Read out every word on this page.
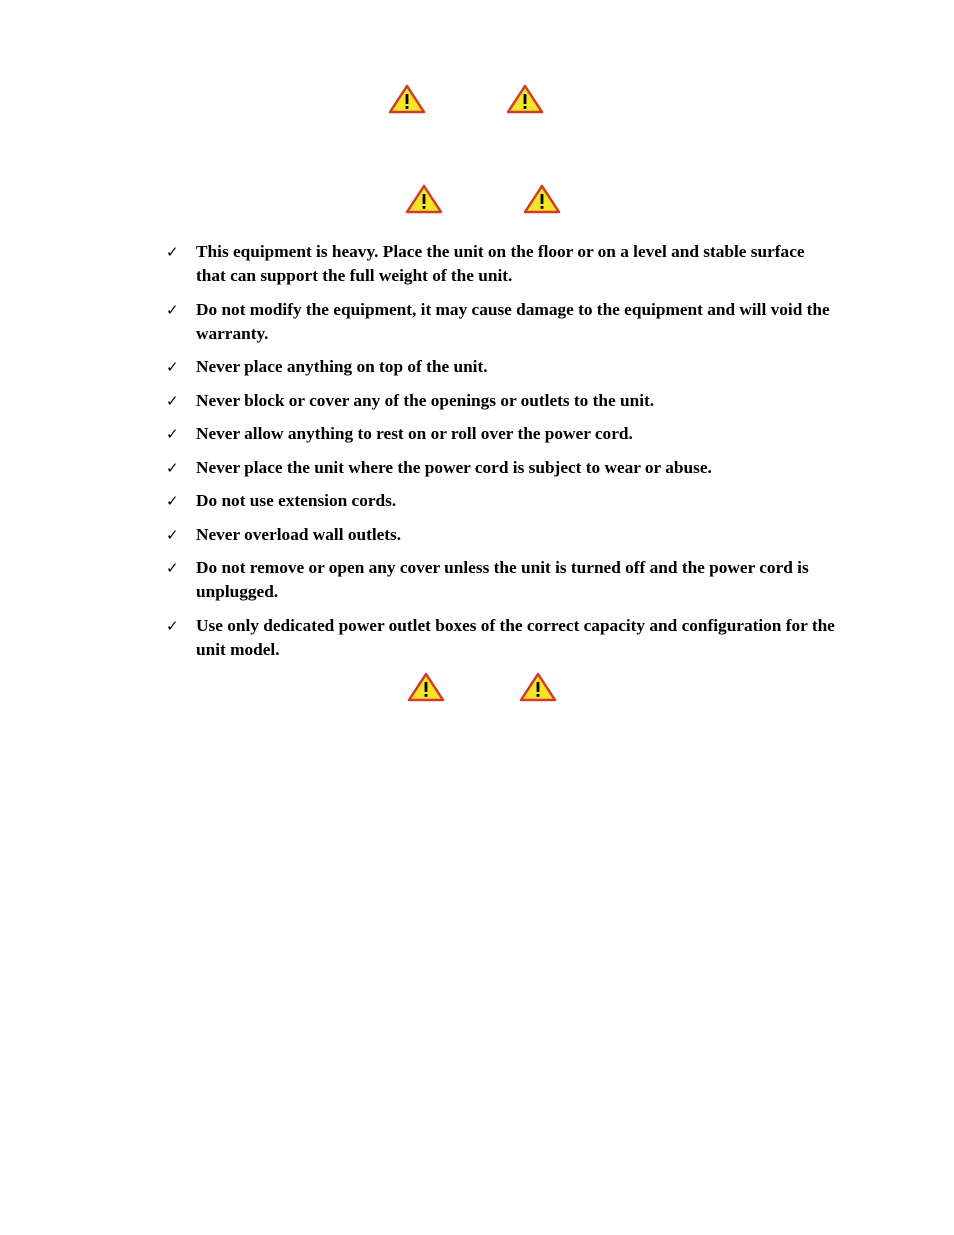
✓ This equipment is heavy. Place the unit on the floor or on a level and stable surface that can support the full weight of the unit.
✓ Do not modify the equipment, it may cause damage to the equipment and will void the warranty.
✓ Never place anything on top of the unit.
✓ Never block or cover any of the openings or outlets to the unit.
✓ Never allow anything to rest on or roll over the power cord.
✓ Never place the unit where the power cord is subject to wear or abuse.
✓ Do not use extension cords.
✓ Never overload wall outlets.
✓ Do not remove or open any cover unless the unit is turned off and the power cord is unplugged.
✓ Use only dedicated power outlet boxes of the correct capacity and configuration for the unit model.
